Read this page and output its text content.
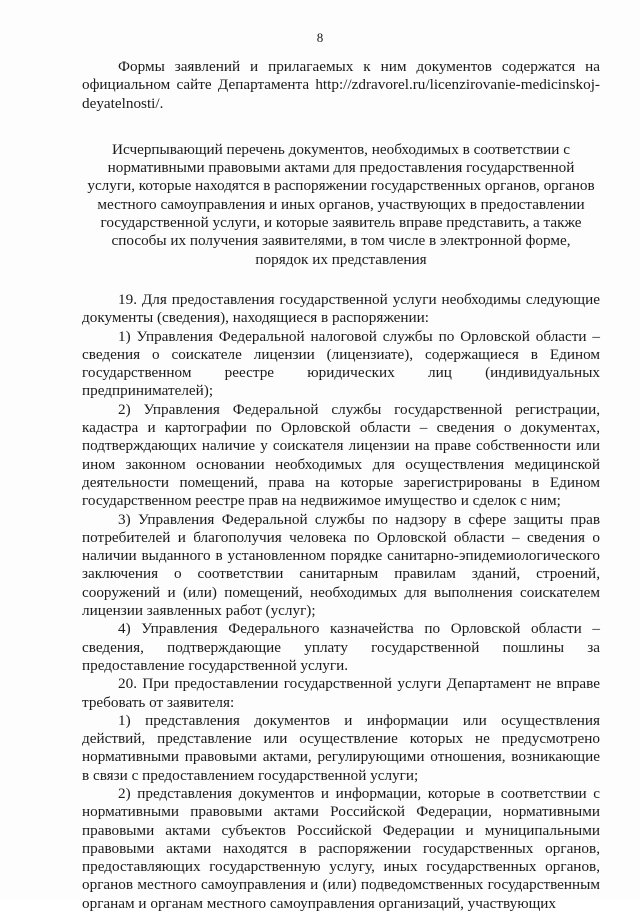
8

Формы заявлений и прилагаемых к ним документов содержатся на официальном сайте Департамента http://zdravorel.ru/licenzirovanie-medicinskoj-deyatelnosti/.

Исчерпывающий перечень документов, необходимых в соответствии с нормативными правовыми актами для предоставления государственной услуги, которые находятся в распоряжении государственных органов, органов местного самоуправления и иных органов, участвующих в предоставлении государственной услуги, и которые заявитель вправе представить, а также способы их получения заявителями, в том числе в электронной форме, порядок их представления

19. Для предоставления государственной услуги необходимы следующие документы (сведения), находящиеся в распоряжении:

1) Управления Федеральной налоговой службы по Орловской области – сведения о соискателе лицензии (лицензиате), содержащиеся в Едином государственном реестре юридических лиц (индивидуальных предпринимателей);

2) Управления Федеральной службы государственной регистрации, кадастра и картографии по Орловской области – сведения о документах, подтверждающих наличие у соискателя лицензии на праве собственности или ином законном основании необходимых для осуществления медицинской деятельности помещений, права на которые зарегистрированы в Едином государственном реестре прав на недвижимое имущество и сделок с ним;

3) Управления Федеральной службы по надзору в сфере защиты прав потребителей и благополучия человека по Орловской области – сведения о наличии выданного в установленном порядке санитарно-эпидемиологического заключения о соответствии санитарным правилам зданий, строений, сооружений и (или) помещений, необходимых для выполнения соискателем лицензии заявленных работ (услуг);

4) Управления Федерального казначейства по Орловской области – сведения, подтверждающие уплату государственной пошлины за предоставление государственной услуги.

20. При предоставлении государственной услуги Департамент не вправе требовать от заявителя:

1) представления документов и информации или осуществления действий, представление или осуществление которых не предусмотрено нормативными правовыми актами, регулирующими отношения, возникающие в связи с предоставлением государственной услуги;

2) представления документов и информации, которые в соответствии с нормативными правовыми актами Российской Федерации, нормативными правовыми актами субъектов Российской Федерации и муниципальными правовыми актами находятся в распоряжении государственных органов, предоставляющих государственную услугу, иных государственных органов, органов местного самоуправления и (или) подведомственных государственным органам и органам местного самоуправления организаций, участвующих
